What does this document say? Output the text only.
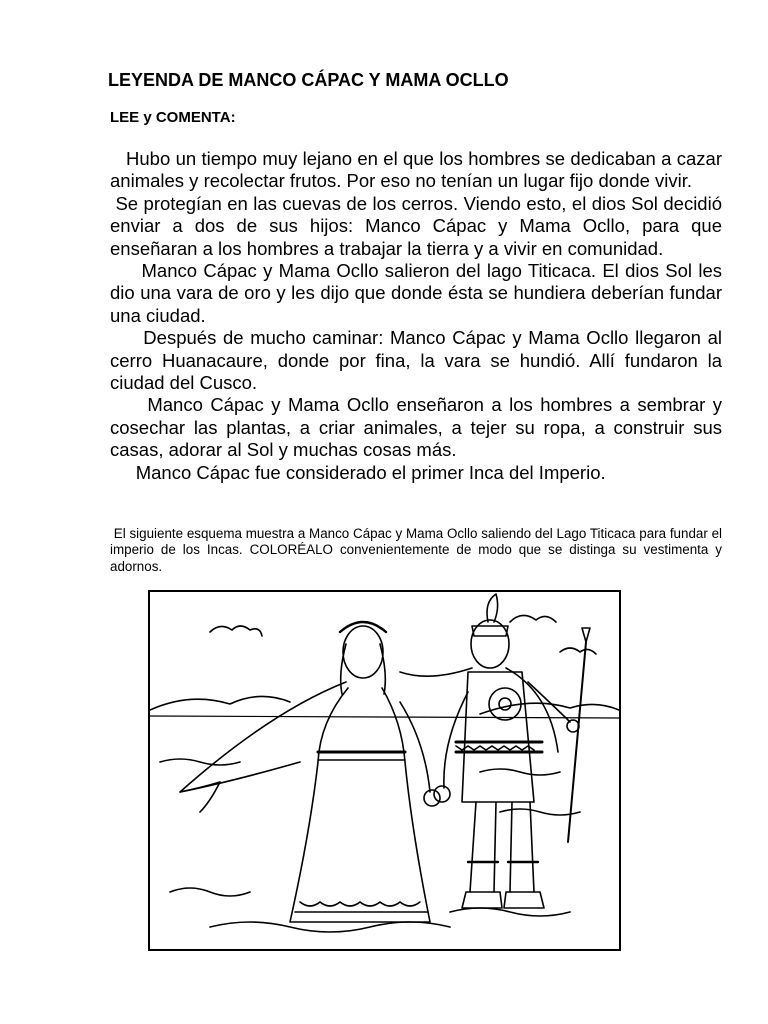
LEYENDA DE MANCO CÁPAC Y MAMA OCLLO
LEE y COMENTA:

Hubo un tiempo muy lejano en el que los hombres se dedicaban a cazar animales y recolectar frutos. Por eso no tenían un lugar fijo donde vivir.

Se protegían en las cuevas de los cerros. Viendo esto, el dios Sol decidió enviar a dos de sus hijos: Manco Cápac y Mama Ocllo, para que enseñaran a los hombres a trabajar la tierra y a vivir en comunidad.

Manco Cápac y Mama Ocllo salieron del lago Titicaca. El dios Sol les dio una vara de oro y les dijo que donde ésta se hundiera deberían fundar una ciudad.

Después de mucho caminar: Manco Cápac y Mama Ocllo llegaron al cerro Huanacaure, donde por fina, la vara se hundió. Allí fundaron la ciudad del Cusco.

Manco Cápac y Mama Ocllo enseñaron a los hombres a sembrar y cosechar las plantas, a criar animales, a tejer su ropa, a construir sus casas, adorar al Sol y muchas cosas más.

Manco Cápac fue considerado el primer Inca del Imperio.

El siguiente esquema muestra a Manco Cápac y Mama Ocllo saliendo del Lago Titicaca para fundar el imperio de los Incas. COLORÉALO convenientemente de modo que se distinga su vestimenta y adornos.
